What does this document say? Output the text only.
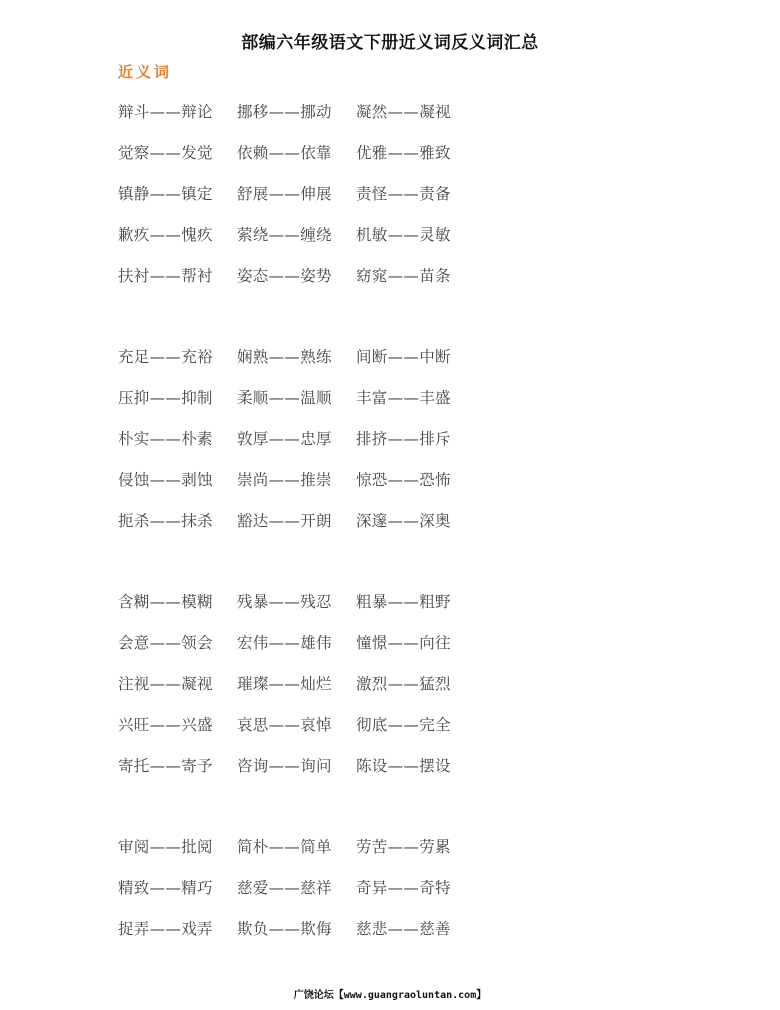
部编六年级语文下册近义词反义词汇总
近义词
辩斗——辩论	挪移——挪动	凝然——凝视
觉察——发觉	依赖——依靠	优雅——雅致
镇静——镇定	舒展——伸展	责怪——责备
歉疚——愧疚	萦绕——缠绕	机敏——灵敏
扶衬——帮衬	姿态——姿势	窈窕——苗条
充足——充裕	娴熟——熟练	间断——中断
压抑——抑制	柔顺——温顺	丰富——丰盛
朴实——朴素	敦厚——忠厚	排挤——排斥
侵蚀——剥蚀	崇尚——推崇	惊恐——恐怖
扼杀——抹杀	豁达——开朗	深邃——深奥
含糊——模糊	残暴——残忍	粗暴——粗野
会意——领会	宏伟——雄伟	憧憬——向往
注视——凝视	璀璨——灿烂	激烈——猛烈
兴旺——兴盛	哀思——哀悼	彻底——完全
寄托——寄予	咨询——询问	陈设——摆设
审阅——批阅	简朴——简单	劳苦——劳累
精致——精巧	慈爱——慈祥	奇异——奇特
捉弄——戏弄	欺负——欺侮	慈悲——慈善
广饶论坛【www.guangraoluntan.com】
